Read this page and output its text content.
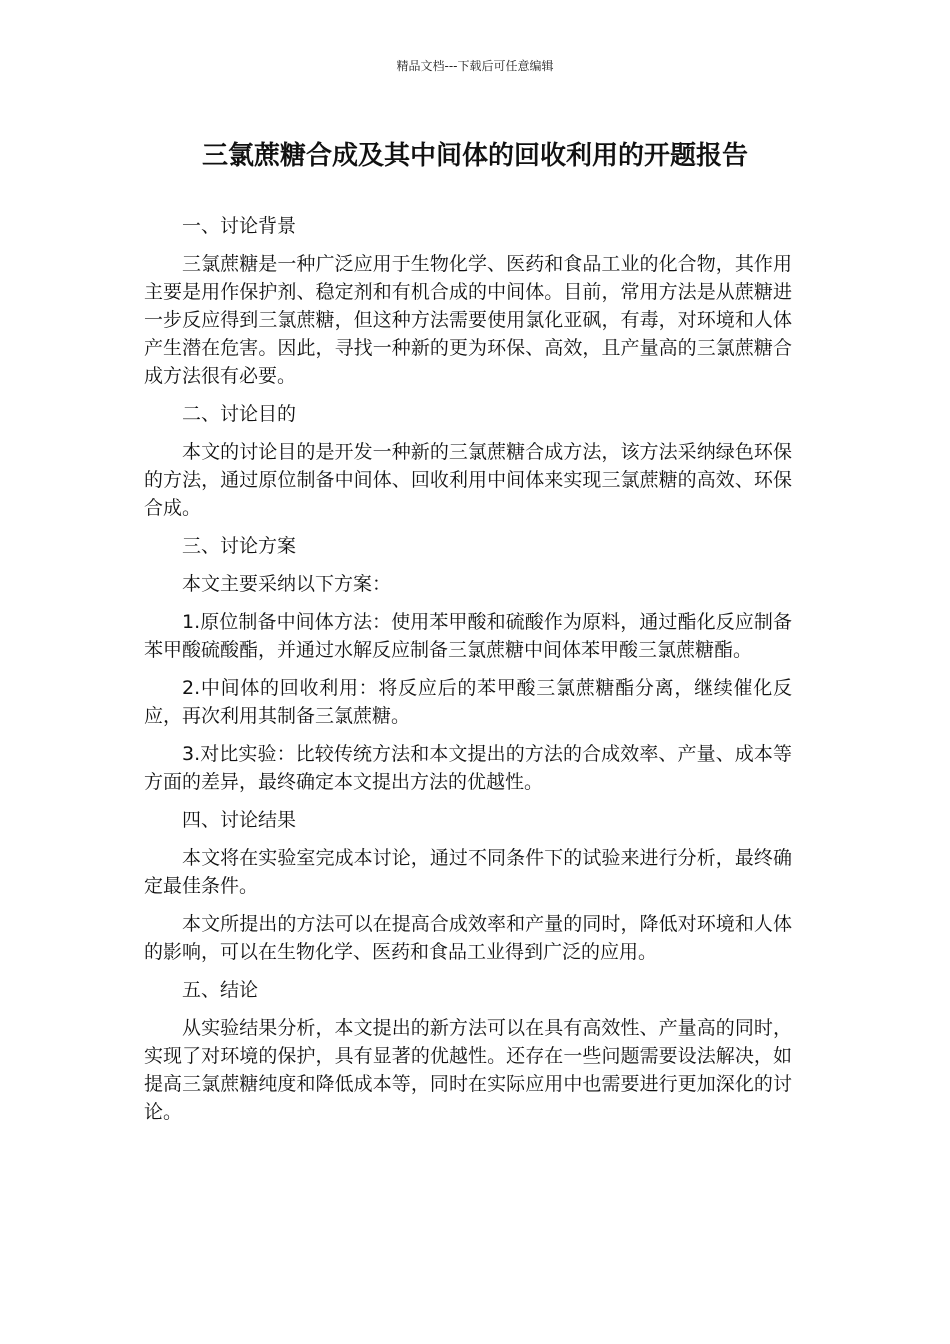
精品文档---下载后可任意编辑
三氯蔗糖合成及其中间体的回收利用的开题报告

一、讨论背景

三氯蔗糖是一种广泛应用于生物化学、医药和食品工业的化合物，其作用主要是用作保护剂、稳定剂和有机合成的中间体。目前，常用方法是从蔗糖进一步反应得到三氯蔗糖，但这种方法需要使用氯化亚砜，有毒，对环境和人体产生潜在危害。因此，寻找一种新的更为环保、高效，且产量高的三氯蔗糖合成方法很有必要。

二、讨论目的

本文的讨论目的是开发一种新的三氯蔗糖合成方法，该方法采纳绿色环保的方法，通过原位制备中间体、回收利用中间体来实现三氯蔗糖的高效、环保合成。

三、讨论方案

本文主要采纳以下方案：

1.原位制备中间体方法：使用苯甲酸和硫酸作为原料，通过酯化反应制备苯甲酸硫酸酯，并通过水解反应制备三氯蔗糖中间体苯甲酸三氯蔗糖酯。

2.中间体的回收利用：将反应后的苯甲酸三氯蔗糖酯分离，继续催化反应，再次利用其制备三氯蔗糖。

3.对比实验：比较传统方法和本文提出的方法的合成效率、产量、成本等方面的差异，最终确定本文提出方法的优越性。

四、讨论结果

本文将在实验室完成本讨论，通过不同条件下的试验来进行分析，最终确定最佳条件。

本文所提出的方法可以在提高合成效率和产量的同时，降低对环境和人体的影响，可以在生物化学、医药和食品工业得到广泛的应用。

五、结论

从实验结果分析，本文提出的新方法可以在具有高效性、产量高的同时，实现了对环境的保护，具有显著的优越性。还存在一些问题需要设法解决，如提高三氯蔗糖纯度和降低成本等，同时在实际应用中也需要进行更加深化的讨论。
